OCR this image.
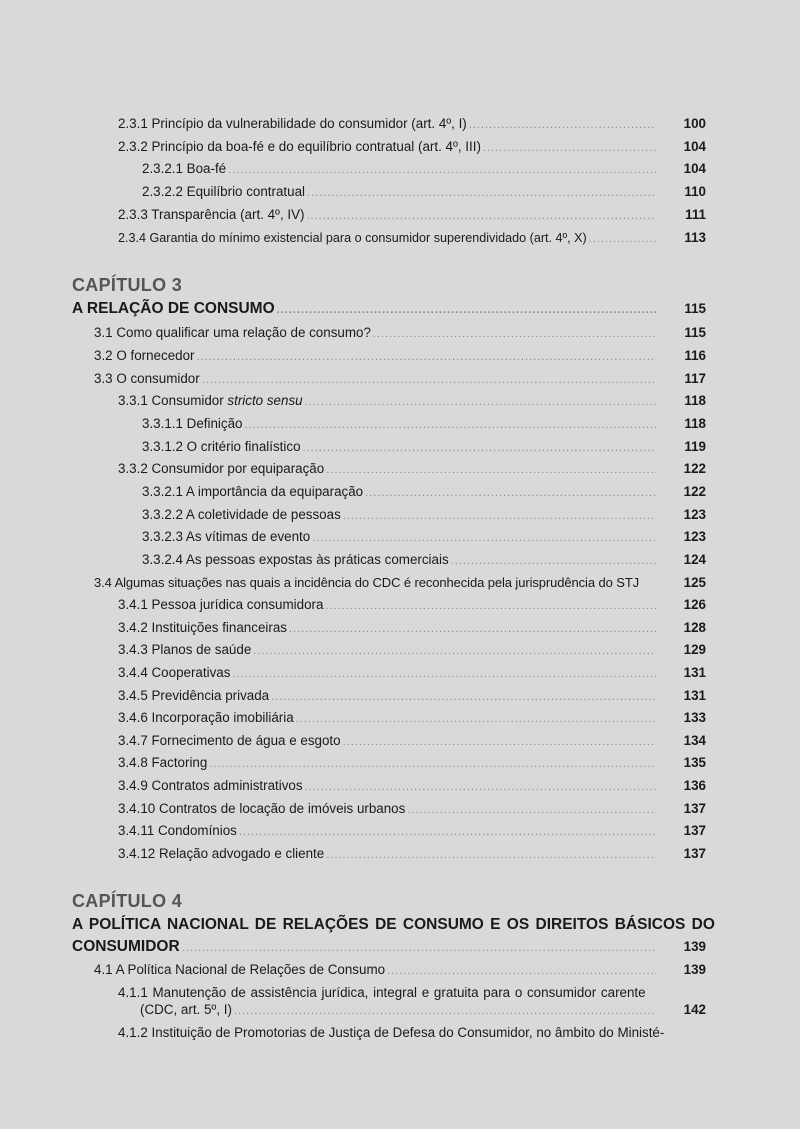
2.3.1 Princípio da vulnerabilidade do consumidor (art. 4º, I) .....	100
2.3.2 Princípio da boa-fé e do equilíbrio contratual (art. 4º, III) .....	104
2.3.2.1 Boa-fé .....	104
2.3.2.2 Equilíbrio contratual .....	110
2.3.3 Transparência (art. 4º, IV) .....	111
2.3.4 Garantia do mínimo existencial para o consumidor superendividado (art. 4º, X) .....	113
CAPÍTULO 3
A RELAÇÃO DE CONSUMO .....	115
3.1 Como qualificar uma relação de consumo? .....	115
3.2 O fornecedor .....	116
3.3 O consumidor .....	117
3.3.1 Consumidor stricto sensu .....	118
3.3.1.1 Definição .....	118
3.3.1.2 O critério finalístico .....	119
3.3.2 Consumidor por equiparação .....	122
3.3.2.1 A importância da equiparação .....	122
3.3.2.2 A coletividade de pessoas .....	123
3.3.2.3 As vítimas de evento .....	123
3.3.2.4 As pessoas expostas às práticas comerciais .....	124
3.4 Algumas situações nas quais a incidência do CDC é reconhecida pela jurisprudência do STJ	125
3.4.1 Pessoa jurídica consumidora .....	126
3.4.2 Instituições financeiras .....	128
3.4.3 Planos de saúde .....	129
3.4.4 Cooperativas .....	131
3.4.5 Previdência privada .....	131
3.4.6 Incorporação imobiliária .....	133
3.4.7 Fornecimento de água e esgoto .....	134
3.4.8 Factoring .....	135
3.4.9 Contratos administrativos .....	136
3.4.10 Contratos de locação de imóveis urbanos .....	137
3.4.11 Condomínios .....	137
3.4.12 Relação advogado e cliente .....	137
CAPÍTULO 4
A POLÍTICA NACIONAL DE RELAÇÕES DE CONSUMO E OS DIREITOS BÁSICOS DO
CONSUMIDOR .....	139
4.1 A Política Nacional de Relações de Consumo .....	139
4.1.1 Manutenção de assistência jurídica, integral e gratuita para o consumidor carente
(CDC, art. 5º, I) .....	142
4.1.2 Instituição de Promotorias de Justiça de Defesa do Consumidor, no âmbito do Ministé-
